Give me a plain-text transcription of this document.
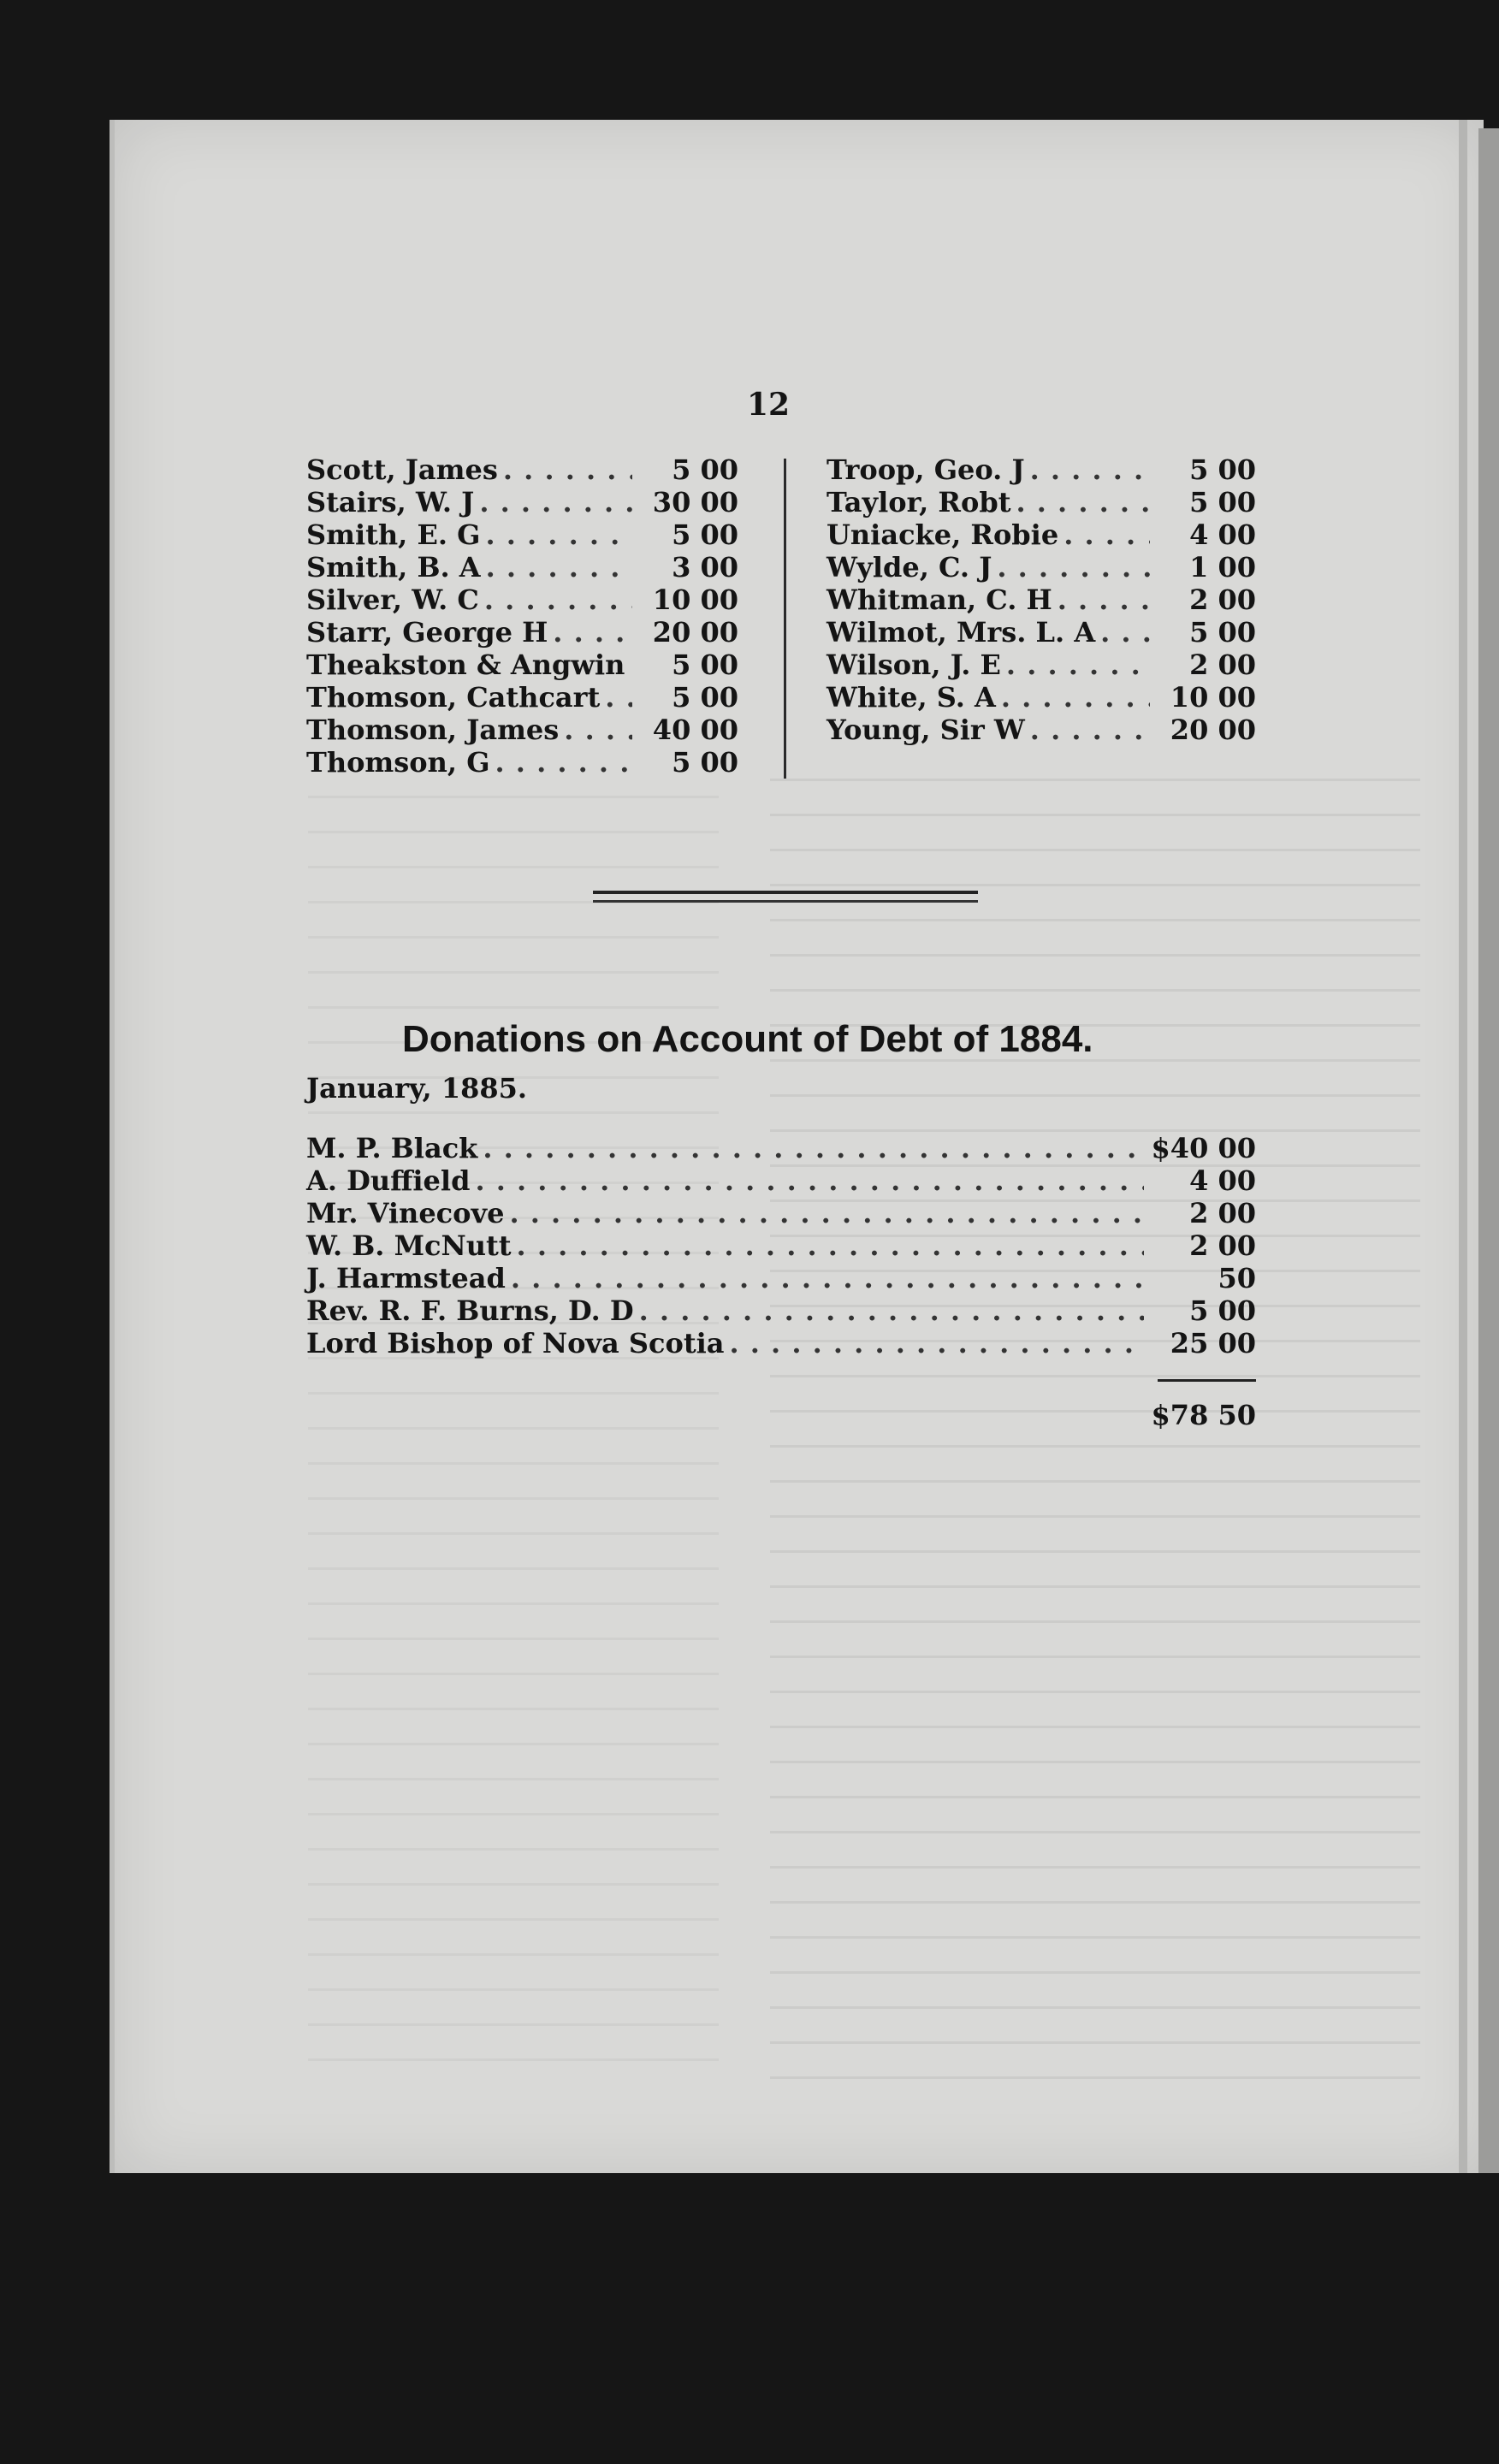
12
Scott, James . . .	5 00
Stairs, W. J . . .	30 00
Smith, E. G . . .	5 00
Smith, B. A . . .	3 00
Silver, W. C . . .	10 00
Starr, George H . . .	20 00
Theakston & Angwin . . .	5 00
Thomson, Cathcart . . .	5 00
Thomson, James . . .	40 00
Thomson, G . . .	5 00
Troop, Geo. J . . .	5 00
Taylor, Robt . . .	5 00
Uniacke, Robie . . .	4 00
Wylde, C. J . . .	1 00
Whitman, C. H . . .	2 00
Wilmot, Mrs. L. A . . .	5 00
Wilson, J. E . . .	2 00
White, S. A . . .	10 00
Young, Sir W . . .	20 00
Donations on Account of Debt of 1884.
January, 1885.
M. P. Black . . .	$40 00
A. Duffield . . .	4 00
Mr. Vinecove . . .	2 00
W. B. McNutt . . .	2 00
J. Harmstead . . .	50
Rev. R. F. Burns, D. D . . .	5 00
Lord Bishop of Nova Scotia . . .	25 00
$78 50
